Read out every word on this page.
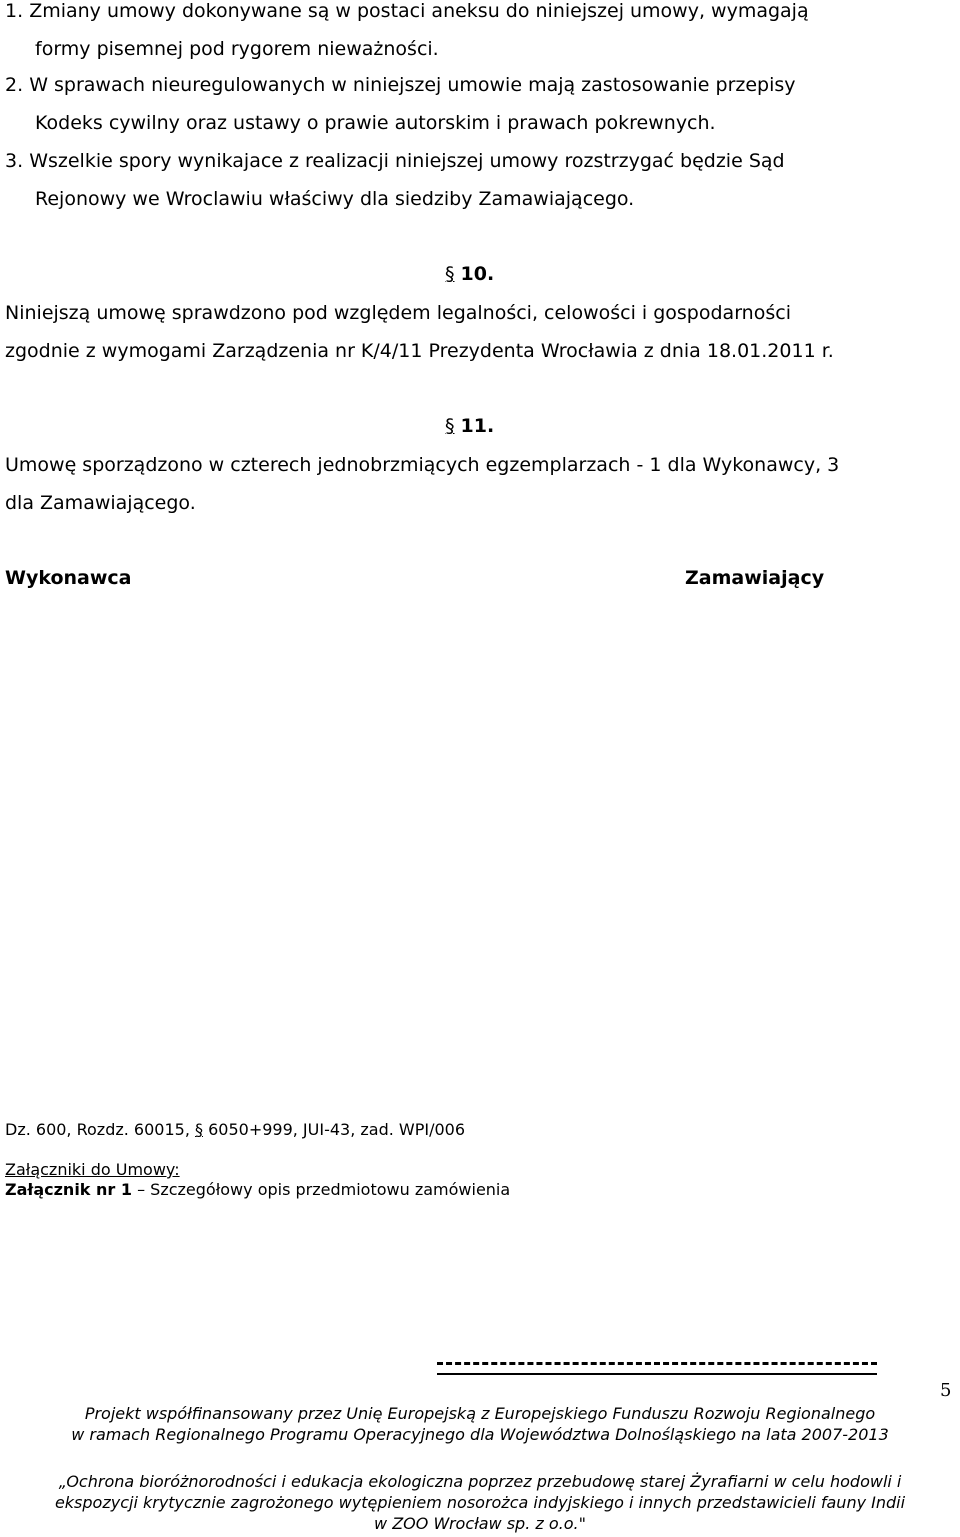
1. Zmiany umowy dokonywane są w postaci aneksu do niniejszej umowy, wymagają
formy pisemnej pod rygorem nieważności.
2. W sprawach nieuregulowanych w niniejszej umowie mają zastosowanie przepisy
Kodeks cywilny oraz ustawy o prawie autorskim i prawach pokrewnych.
3. Wszelkie spory wynikajace z realizacji niniejszej umowy rozstrzygać będzie Sąd
Rejonowy we Wroclawiu właściwy dla siedziby Zamawiającego.
§ 10.
Niniejszą umowę sprawdzono pod względem legalności, celowości i gospodarności
zgodnie z wymogami Zarządzenia nr K/4/11 Prezydenta Wrocławia z dnia 18.01.2011 r.
§ 11.
Umowę sporządzono w czterech jednobrzmiących egzemplarzach - 1 dla Wykonawcy, 3
dla Zamawiającego.
Wykonawca	Zamawiający
Dz. 600, Rozdz. 60015, § 6050+999, JUI-43, zad. WPI/006
Załączniki do Umowy:
Załącznik nr 1 – Szczegółowy opis przedmiotowu zamówienia
5
Projekt współfinansowany przez Unię Europejską z Europejskiego Funduszu Rozwoju Regionalnego
w ramach Regionalnego Programu Operacyjnego dla Województwa Dolnośląskiego na lata 2007-2013
„Ochrona bioróżnorodności i edukacja ekologiczna poprzez przebudowę starej Żyrafiarni w celu hodowli i
ekspozycji krytycznie zagrożonego wytępieniem nosorożca indyjskiego i innych przedstawicieli fauny Indii
w ZOO Wrocław sp. z o.o."
